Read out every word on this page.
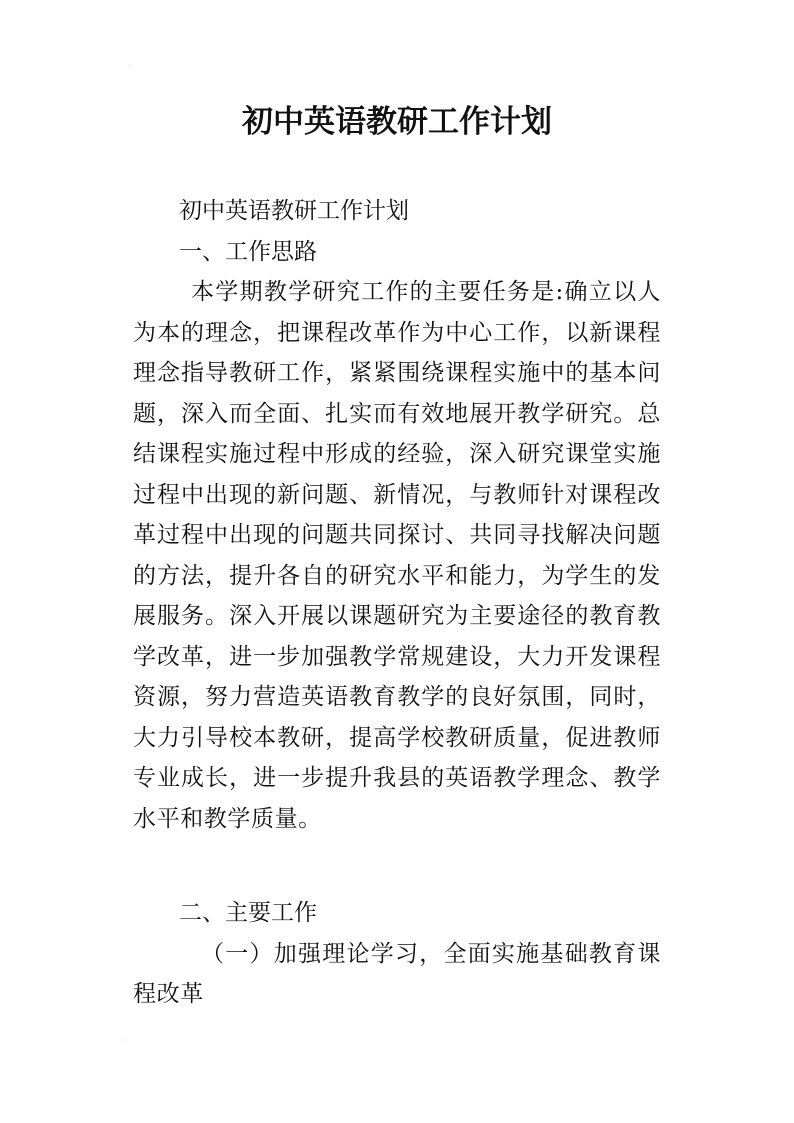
·
·
初中英语教研工作计划

初中英语教研工作计划

一、工作思路

本学期教学研究工作的主要任务是:确立以人为本的理念，把课程改革作为中心工作，以新课程理念指导教研工作，紧紧围绕课程实施中的基本问题，深入而全面、扎实而有效地展开教学研究。总结课程实施过程中形成的经验，深入研究课堂实施过程中出现的新问题、新情况，与教师针对课程改革过程中出现的问题共同探讨、共同寻找解决问题的方法，提升各自的研究水平和能力，为学生的发展服务。深入开展以课题研究为主要途径的教育教学改革，进一步加强教学常规建设，大力开发课程资源，努力营造英语教育教学的良好氛围，同时，大力引导校本教研，提高学校教研质量，促进教师专业成长，进一步提升我县的英语教学理念、教学水平和教学质量。

二、主要工作

（一）加强理论学习，全面实施基础教育课程改革
